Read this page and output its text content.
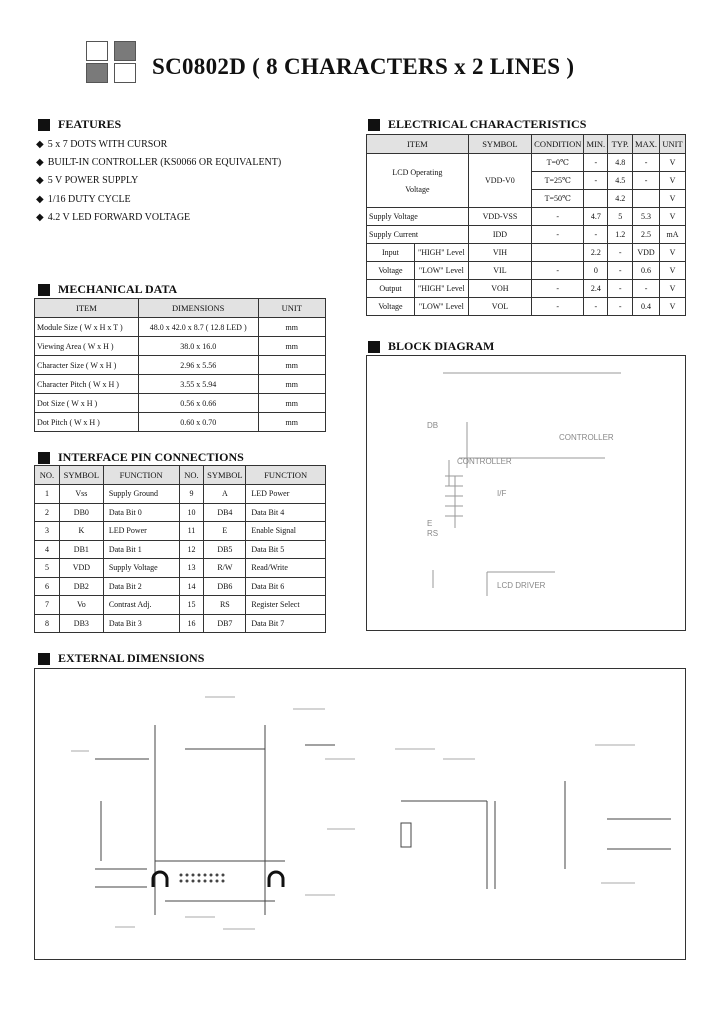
SC0802D ( 8 CHARACTERS x 2 LINES )
FEATURES
◆ 5 x 7 DOTS WITH CURSOR
◆ BUILT-IN CONTROLLER (KS0066 OR EQUIVALENT)
◆ 5 V POWER SUPPLY
◆ 1/16 DUTY CYCLE
◆ 4.2 V LED FORWARD VOLTAGE
ELECTRICAL CHARACTERISTICS
ITEM		SYMBOL	CONDITION	MIN.	TYP.	MAX.	UNIT

LCD Operating
Voltage		VDD-V0	T=0℃	-	4.8	-	V
			T=25℃	-	4.5	-	V
			T=50℃		4.2		V
Supply Voltage		VDD-VSS	-	4.7	5	5.3	V
Supply Current		IDD	-	-	1.2	2.5	mA
Input	"HIGH" Level	VIH		2.2	-	VDD	V
Voltage	"LOW" Level	VIL	-	0	-	0.6	V
Output	"HIGH" Level	VOH	-	2.4	-	-	V
Voltage	"LOW" Level	VOL	-	-	-	0.4	V
MECHANICAL DATA
ITEM	DIMENSIONS	UNIT
Module Size ( W x H x T )	48.0 x 42.0 x 8.7 ( 12.8 LED )	mm
Viewing Area ( W x H )	38.0 x 16.0	mm
Character Size ( W x H )	2.96 x 5.56	mm
Character Pitch ( W x H )	3.55 x 5.94	mm
Dot Size ( W x H )	0.56 x 0.66	mm
Dot Pitch ( W x H )	0.60 x 0.70	mm
INTERFACE PIN CONNECTIONS
NO.	SYMBOL	FUNCTION	NO.	SYMBOL	FUNCTION
1	Vss	Supply Ground	9	A	LED Power
2	DB0	Data Bit 0	10	DB4	Data Bit 4
3	K	LED Power	11	E	Enable Signal
4	DB1	Data Bit 1	12	DB5	Data Bit 5
5	VDD	Supply Voltage	13	R/W	Read/Write
6	DB2	Data Bit 2	14	DB6	Data Bit 6
7	Vo	Contrast Adj.	15	RS	Register Select
8	DB3	Data Bit 3	16	DB7	Data Bit 7
BLOCK DIAGRAM
DB
CONTROLLER
I/F
E
RS
CONTROLLER
LCD DRIVER
EXTERNAL DIMENSIONS
